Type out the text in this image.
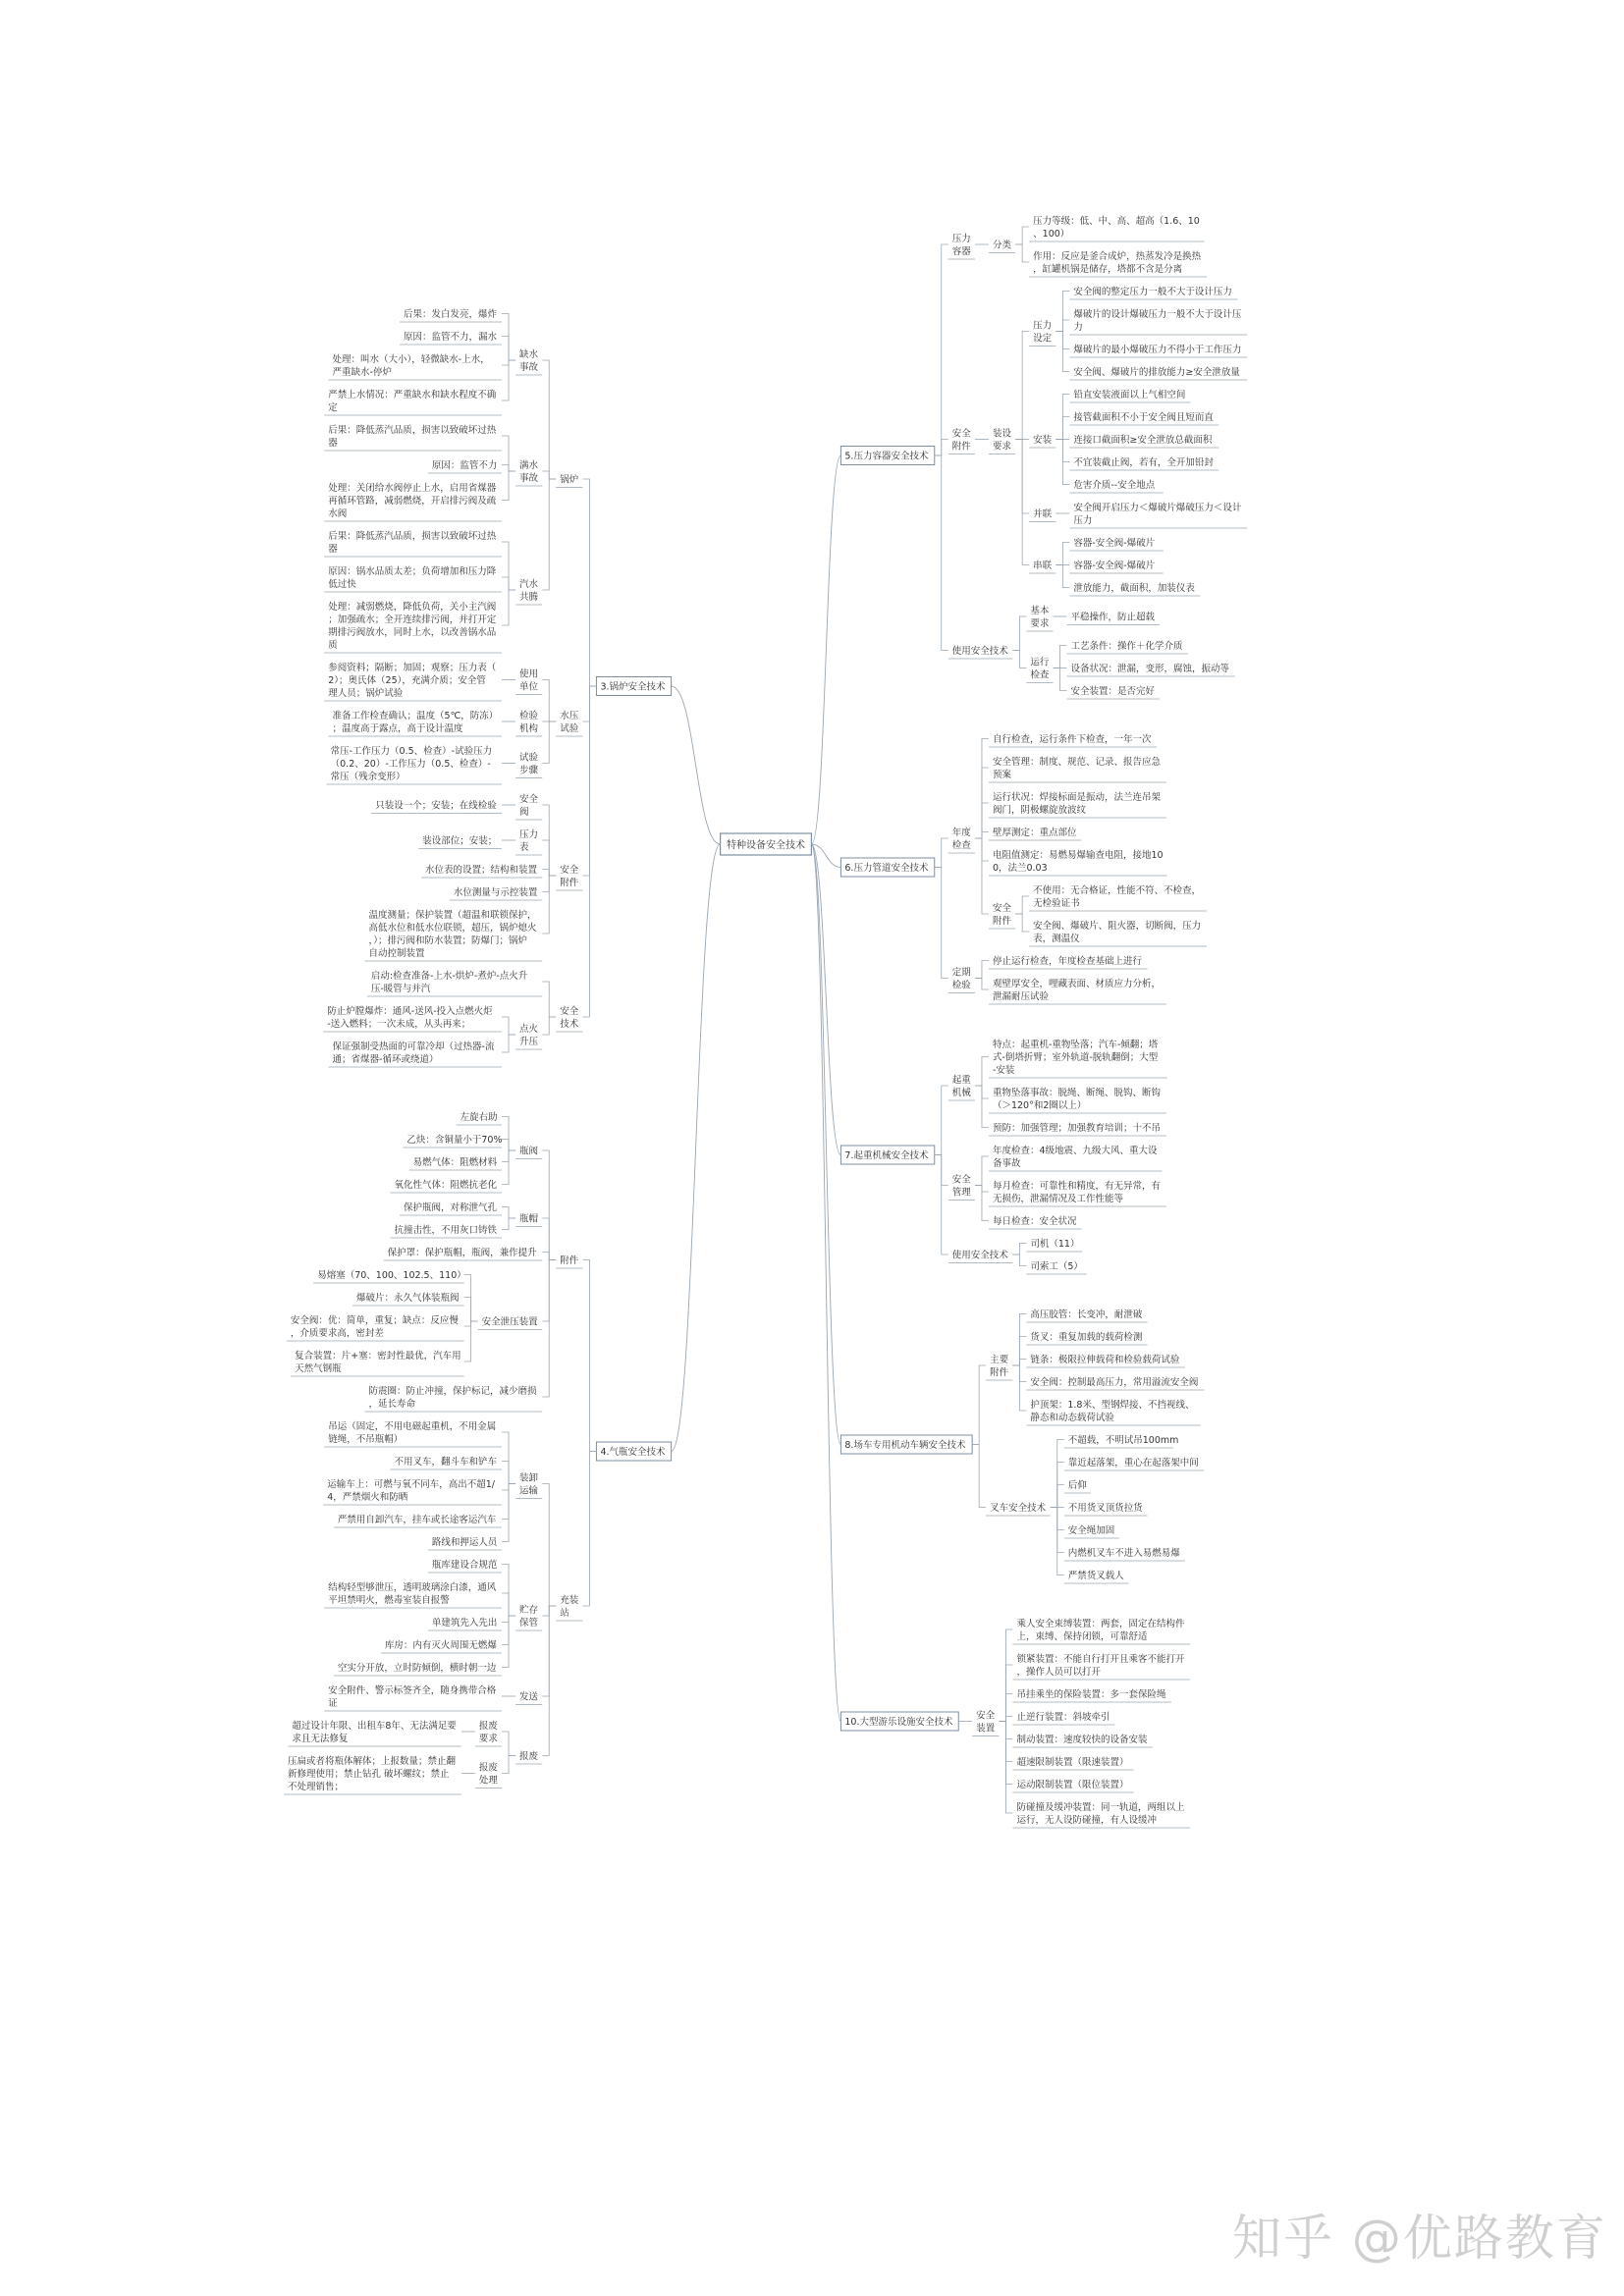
特种设备安全技术
3.锅炉安全技术
锅炉
缺水事故
后果：发白发亮，爆炸
原因：监管不力，漏水
处理：叫水（大小），轻微缺水-上水，严重缺水-停炉
严禁上水情况：严重缺水和缺水程度不确定
满水事故
后果：降低蒸汽品质，损害以致破坏过热器
原因：监管不力
处理：关闭给水阀停止上水，启用省煤器再循环管路，减弱燃烧，开启排污阀及疏水阀
汽水共腾
后果：降低蒸汽品质，损害以致破坏过热器
原因：锅水品质太差；负荷增加和压力降低过快
处理：减弱燃烧，降低负荷，关小主汽阀；加强疏水；全开连续排污阀，并打开定期排污阀放水，同时上水，以改善锅水品质
水压试验
使用单位
参阅资料；隔断；加固；观察；压力表（ 2）；奥氏体（25），充满介质；安全管理人员；锅炉试验
检验机构
准备工作检查确认；温度（5℃，防冻）；温度高于露点，高于设计温度
试验步骤
常压-工作压力（0.5、检查）-试验压力（0.2、20）-工作压力（0.5、检查）-常压（残余变形）
安全附件
安全阀
只装设一个；安装；在线检验
压力表
装设部位；安装；
水位表的设置；结构和装置
水位测量与示控装置
温度测量；保护装置（超温和联锁保护，高低水位和低水位联锁，超压，锅炉熄火，）；排污阀和防水装置；防爆门；锅炉自动控制装置
安全技术
启动:检查准备-上水-烘炉-煮炉-点火升压-暖管与并汽
点火升压
防止炉膛爆炸：通风-送风-投入点燃火炬-送入燃料；一次未成，从头再来；
保证强制受热面的可靠冷却（过热器-流通；省煤器-循环或绕道）
4.气瓶安全技术
附件
瓶阀
左旋右助
乙炔：含铜量小于70%
易燃气体：阻燃材料
氧化性气体：阻燃抗老化
瓶帽
保护瓶阀，对称泄气孔
抗撞击性，不用灰口铸铁
保护罩：保护瓶帽，瓶阀，兼作提升
安全泄压装置
易熔塞（70、100、102.5、110）
爆破片：永久气体装瓶阀
安全阀：优：简单，重复；缺点：反应慢，介质要求高，密封差
复合装置：片+塞：密封性最优，汽车用天然气钢瓶
防震圈：防止冲撞，保护标记，减少磨损，延长寿命
充装站
装卸运输
吊运（固定，不用电磁起重机，不用金属链绳，不吊瓶帽）
不用叉车，翻斗车和铲车
运输车上：可燃与氧不同车，高出不超1/ 4，严禁烟火和防晒
严禁用自卸汽车，挂车或长途客运汽车
路线和押运人员
贮存保管
瓶库建设合规范
结构轻型够泄压，透明玻璃涂白漆，通风平坦禁明火，燃毒室装自报警
单建筑先入先出
库房：内有灭火周围无燃爆
空实分开放，立时防倾倒，横时朝一边
发送
安全附件、警示标签齐全，随身携带合格证
报废
报废要求
超过设计年限、出租车8年、无法满足要求且无法修复
报废处理
压扁或者将瓶体解体；上报数量；禁止翻新修理使用；禁止钻孔 破坏螺纹；禁止不处理销售；
5.压力容器安全技术
压力容器
分类
压力等级：低、中、高、超高（1.6、10 、100）
作用：反应是釜合成炉，热蒸发冷是换热，缸罐机锅是储存，塔都不含是分离
安全附件
装设要求
压力设定
安全阀的整定压力一般不大于设计压力
爆破片的设计爆破压力一般不大于设计压力
爆破片的最小爆破压力不得小于工作压力
安全阀、爆破片的排放能力≥安全泄放量
安装
铅直安装液面以上气相空间
接管截面积不小于安全阀且短而直
连接口截面积≥安全泄放总截面积
不宜装截止阀，若有，全开加铅封
危害介质--安全地点
并联
安全阀开启压力＜爆破片爆破压力＜设计压力
串联
容器-安全阀-爆破片
容器-安全阀-爆破片
泄放能力，截面积，加装仪表
使用安全技术
基本要求
平稳操作，防止超载
运行检查
工艺条件：操作＋化学介质
设备状况：泄漏，变形，腐蚀，振动等
安全装置：是否完好
6.压力管道安全技术
年度检查
自行检查，运行条件下检查，一年一次
安全管理：制度、规范、记录、报告应急预案
运行状况：焊接标面是振动，法兰连吊架阀门，阴极螺旋放波纹
壁厚测定：重点部位
电阻值测定：易燃易爆输查电阻，接地10 0，法兰0.03
安全附件
不使用：无合格证，性能不符、不检查，无检验证书
安全阀、爆破片、阻火器，切断阀，压力表，测温仪
定期检验
停止运行检查，年度检查基础上进行
观壁厚安全，哩藏表面、材质应力分析，泄漏耐压试验
7.起重机械安全技术
起重机械
特点：起重机-重物坠落；汽车-倾翻；塔式-倒塔折臂；室外轨道-脱轨翻倒；大型-安装
重物坠落事故：脱绳、断绳、脱钩、断钩（＞120°和2圈以上）
预防：加强管理；加强教育培训；十不吊
安全管理
年度检查：4级地震、九级大风、重大设备事故
每月检查：可靠性和精度，有无异常，有无损伤，泄漏情况及工作性能等
每日检查：安全状况
使用安全技术
司机（11）
司索工（5）
8.场车专用机动车辆安全技术
主要附件
高压胶管：长变冲，耐泄破
货叉：重复加载的载荷检测
链条：极限拉伸载荷和检验载荷试验
安全阀：控制最高压力，常用溢流安全阀
护顶架：1.8米、型钢焊接、不挡视线、静态和动态载荷试验
叉车安全技术
不超载，不明试吊100mm
靠近起落架，重心在起落架中间
后仰
不用货叉顶货拉货
安全绳加固
内燃机叉车不进入易燃易爆
严禁货叉载人
10.大型游乐设施安全技术
安全装置
乘人安全束缚装置：两套，固定在结构件上，束缚、保持闭锁，可靠舒适
锁紧装置：不能自行打开且乘客不能打开，操作人员可以打开
吊挂乘坐的保险装置：多一套保险绳
止逆行装置：斜坡牵引
制动装置：速度较快的设备安装
超速限制装置（限速装置）
运动限制装置（限位装置）
防碰撞及缓冲装置：同一轨道，两组以上运行，无人设防碰撞，有人设缓冲
知乎 @优路教育
